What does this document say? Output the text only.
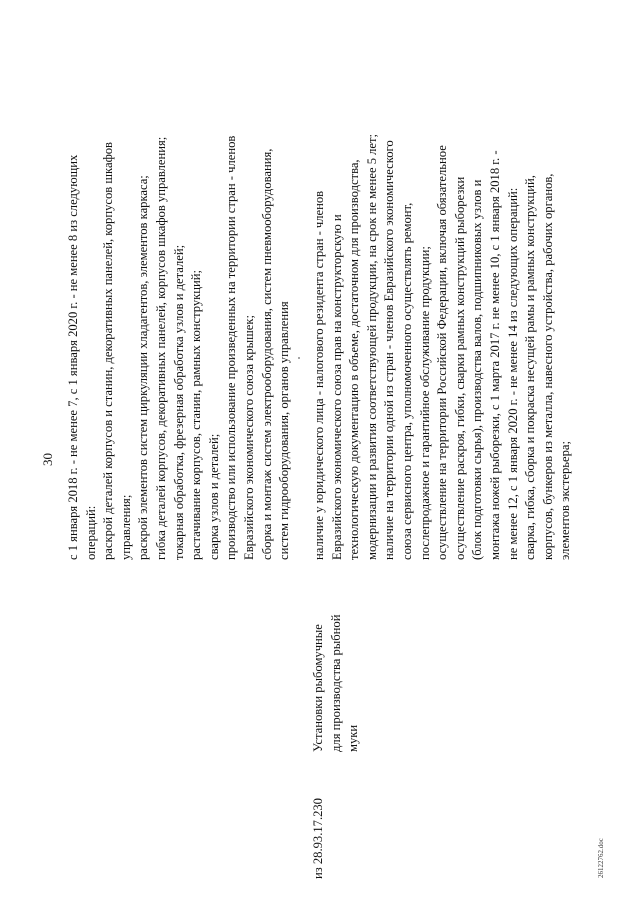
30 с 1 января 2018 г. - не менее 7, с 1 января 2020 г. - не менее 8 из следующих операций: раскрой деталей корпусов и станин, декоративных панелей, корпусов шкафов управления; раскрой элементов систем циркуляции хладагентов, элементов каркаса; гибка деталей корпусов, декоративных панелей, корпусов шкафов управления; токарная обработка, фрезерная обработка узлов и деталей; растачивание корпусов, станин, рамных конструкций; сварка узлов и деталей; производство или использование произведенных на территории стран - членов Евразийского экономического союза крышек; сборка и монтаж систем электрооборудования, систем пневмооборудования, систем гидрооборудования, органов управления наличие у юридического лица - налогового резидента стран - членов Евразийского экономического союза прав на конструкторскую и технологическую документацию в объеме, достаточном для производства, модернизации и развития соответствующей продукции, на срок не менее 5 лет; наличие на территории одной из стран - членов Евразийского экономического союза сервисного центра, уполномоченного осуществлять ремонт, послепродажное и гарантийное обслуживание продукции; осуществление на территории Российской Федерации, включая обязательное осуществление раскроя, гибки, сварки рамных конструкций рыборезки (блок подготовки сырья), производства валов, подшипниковых узлов и монтажа ножей рыборезки, с 1 марта 2017 г. не менее 10, с 1 января 2018 г. - не менее 12, с 1 января 2020 г. - не менее 14 из следующих операций: сварка, гибка, сборка и покраска несущей рамы и рамных конструкций, корпусов, бункеров из металла, навесного устройства, рабочих органов, элементов экстерьера;
Установки рыбомучные для производства рыбной муки
из 28.93.17.230	26122762.doc
